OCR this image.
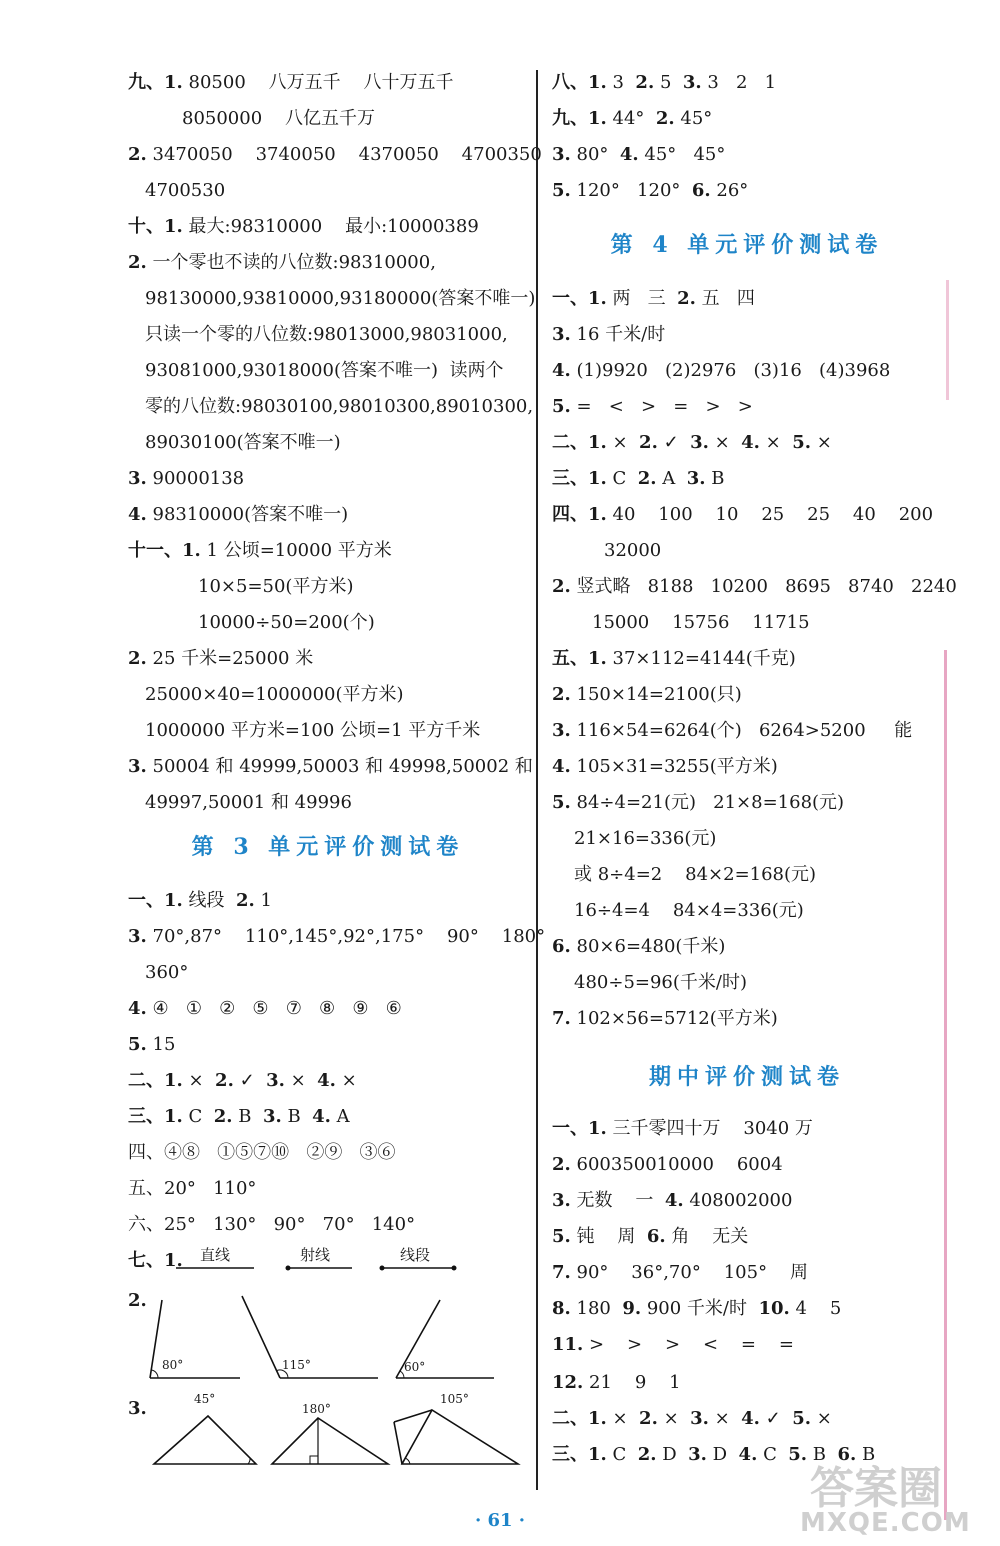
九、1. 80500    八万五千    八十万五千
8050000    八亿五千万
2. 3470050    3740050    4370050    4700350
4700530
十、1. 最大:98310000    最小:10000389
2. 一个零也不读的八位数:98310000,
98130000,93810000,93180000(答案不唯一)
只读一个零的八位数:98013000,98031000,
93081000,93018000(答案不唯一)  读两个
零的八位数:98030100,98010300,89010300,
89030100(答案不唯一)
3. 90000138
4. 98310000(答案不唯一)
十一、1. 1 公顷=10000 平方米
10×5=50(平方米)
10000÷50=200(个)
2. 25 千米=25000 米
25000×40=1000000(平方米)
1000000 平方米=100 公顷=1 平方千米
3. 50004 和 49999,50003 和 49998,50002 和
49997,50001 和 49996
第 3 单元评价测试卷
一、1. 线段  2. 1
3. 70°,87°    110°,145°,92°,175°    90°    180°
360°
4. ④   ①   ②   ⑤   ⑦   ⑧   ⑨   ⑥
5. 15
二、1. ×  2. ✓  3. ×  4. ×
三、1. C  2. B  3. B  4. A
四、④⑧   ①⑤⑦⑩   ②⑨   ③⑥
五、20°   110°
六、25°   130°   90°   70°   140°
七、1. 直线	射线	线段
2.
80°	115°	60°
3.	45°
180°
105°
八、1. 3  2. 5  3. 3   2   1
九、1. 44°  2. 45°
3. 80°  4. 45°   45°
5. 120°   120°  6. 26°
第 4 单元评价测试卷
一、1. 两   三  2. 五   四
3. 16 千米/时
4. (1)9920   (2)2976   (3)16   (4)3968
5. =   <   >   =   >   >
二、1. ×  2. ✓  3. ×  4. ×  5. ×
三、1. C  2. A  3. B
四、1. 40    100    10    25    25    40    200
32000
2. 竖式略   8188   10200   8695   8740   2240
15000    15756    11715
五、1. 37×112=4144(千克)
2. 150×14=2100(只)
3. 116×54=6264(个)   6264>5200     能
4. 105×31=3255(平方米)
5. 84÷4=21(元)   21×8=168(元)
21×16=336(元)
或 8÷4=2    84×2=168(元)
16÷4=4    84×4=336(元)
6. 80×6=480(千米)
480÷5=96(千米/时)
7. 102×56=5712(平方米)
期中评价测试卷
一、1. 三千零四十万    3040 万
2. 600350010000    6004
3. 无数    一  4. 408002000
5. 钝    周  6. 角    无关
7. 90°    36°,70°    105°    周
8. 180  9. 900 千米/时  10. 4    5
11. >    >    >    <    =    =
12. 21    9    1
二、1. ×  2. ×  3. ×  4. ✓  5. ×
三、1. C  2. D  3. D  4. C  5. B  6. B
· 61 ·
答案圈
MXQE.COM
